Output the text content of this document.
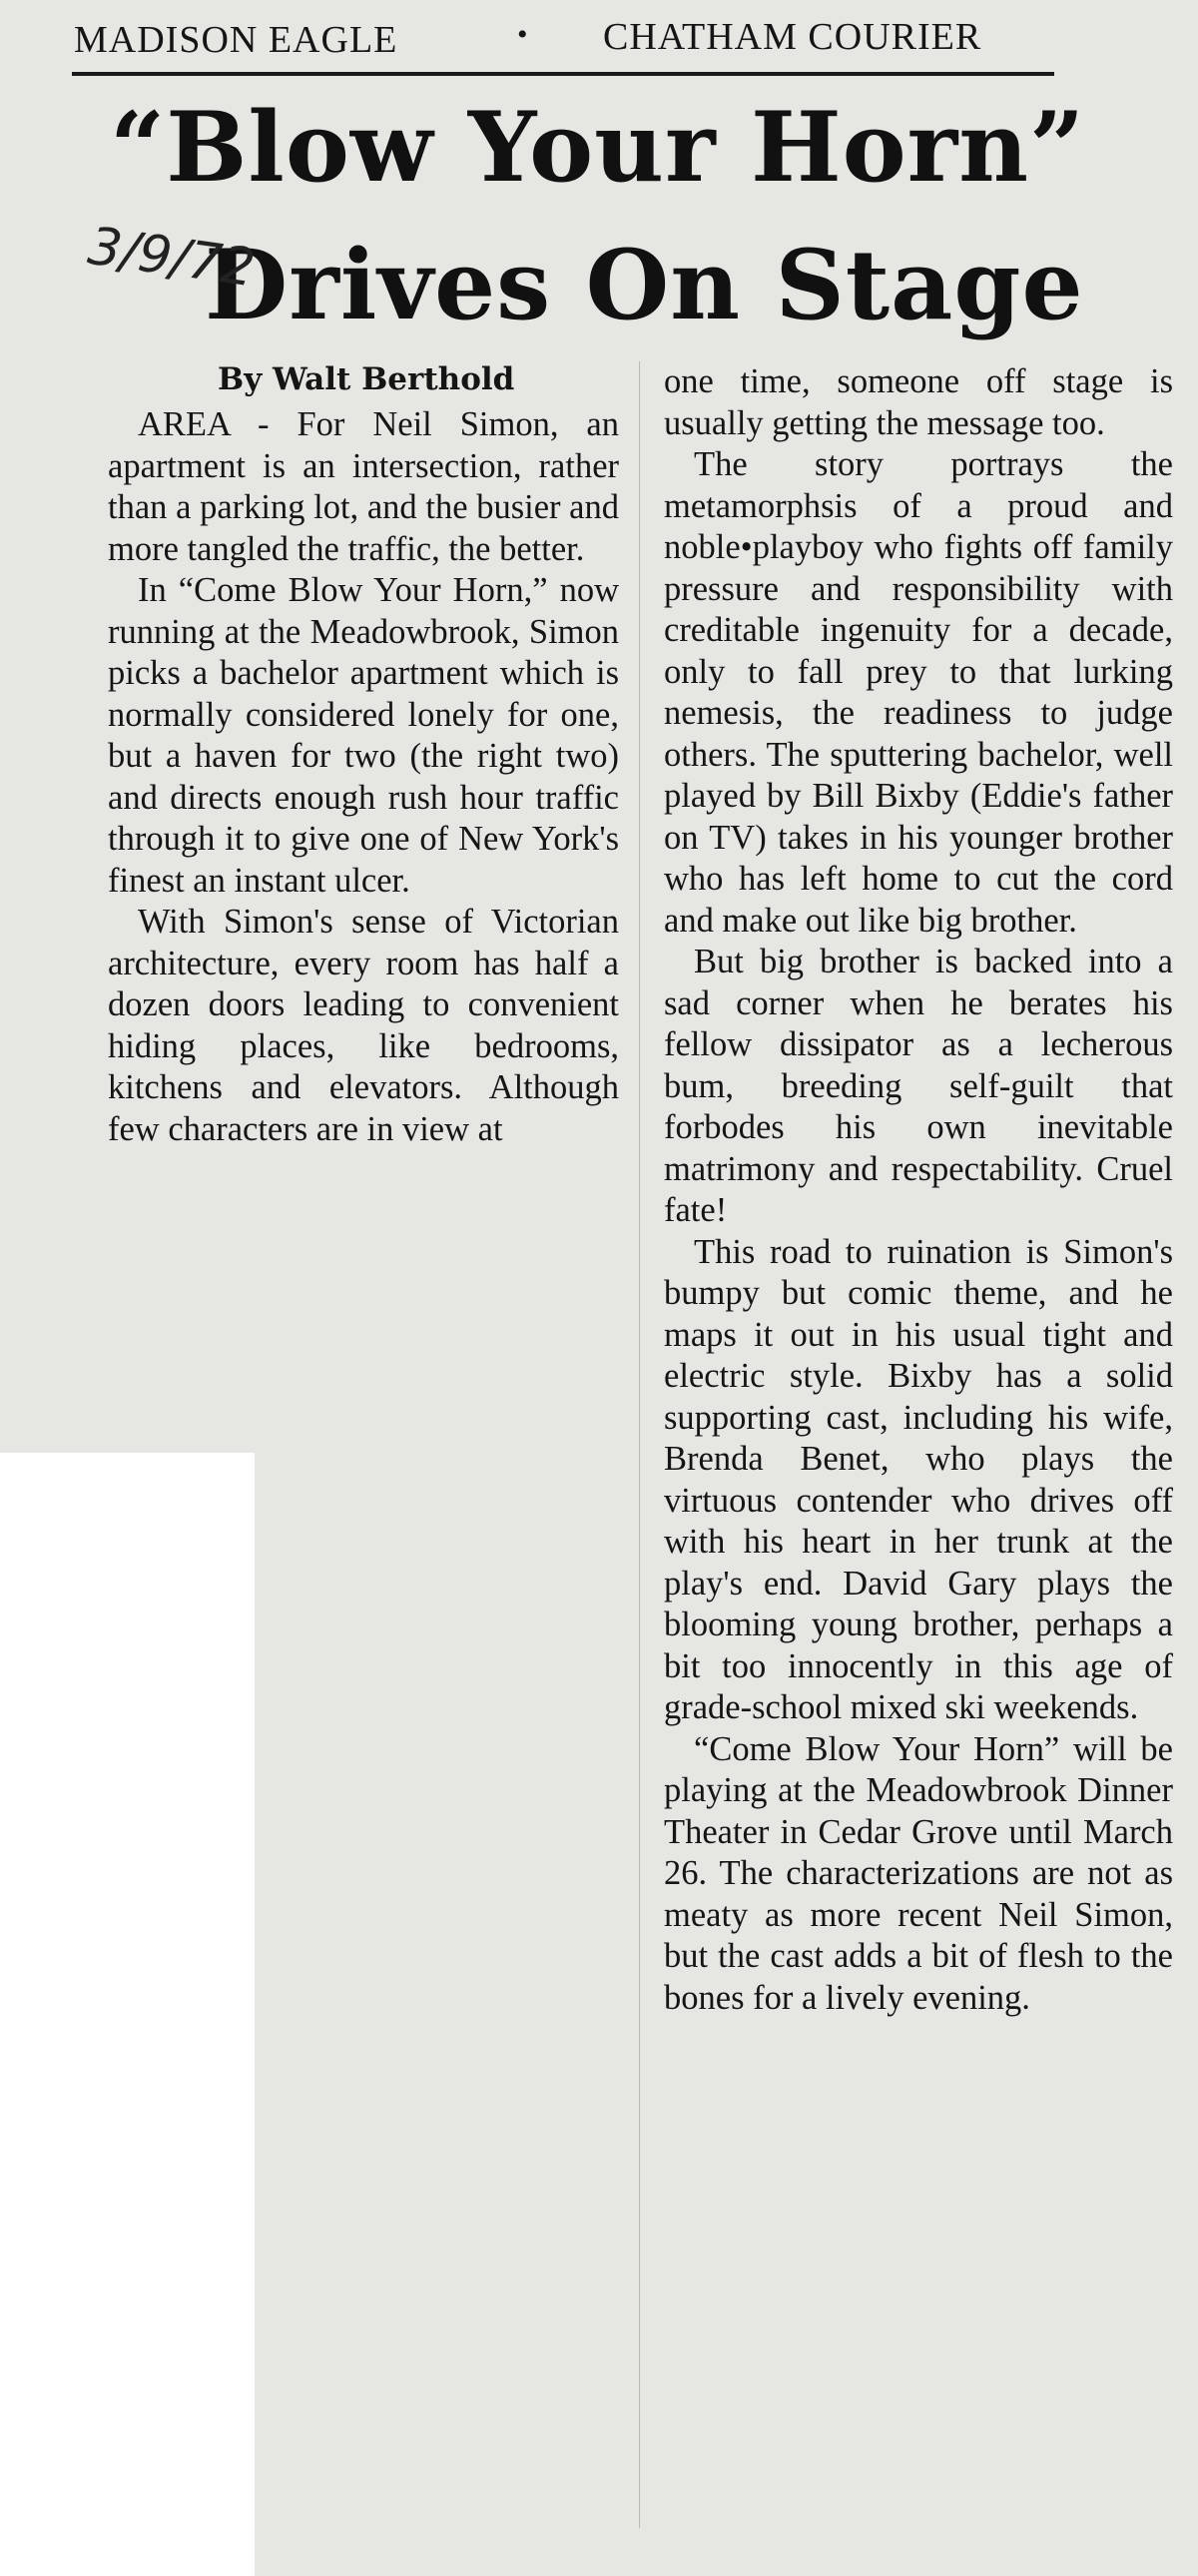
MADISON EAGLE	• CHATHAM COURIER
“Blow Your Horn”
Drives On Stage
3/9/72
By Walt Berthold

AREA - For Neil Simon, an apartment is an intersection, rather than a parking lot, and the busier and more tangled the traffic, the better.

In “Come Blow Your Horn,” now running at the Meadowbrook, Simon picks a bachelor apartment which is normally considered lonely for one, but a haven for two (the right two) and directs enough rush hour traffic through it to give one of New York's finest an instant ulcer.

With Simon's sense of Victorian architecture, every room has half a dozen doors leading to convenient hiding places, like bedrooms, kitchens and elevators. Although few characters are in view at

one time, someone off stage is usually getting the message too.

The story portrays the metamorphsis of a proud and noble•playboy who fights off family pressure and responsibility with creditable ingenuity for a decade, only to fall prey to that lurking nemesis, the readiness to judge others. The sputtering bachelor, well played by Bill Bixby (Eddie's father on TV) takes in his younger brother who has left home to cut the cord and make out like big brother.

But big brother is backed into a sad corner when he berates his fellow dissipator as a lecherous bum, breeding self-guilt that forbodes his own inevitable matrimony and respectability. Cruel fate!

This road to ruination is Simon's bumpy but comic theme, and he maps it out in his usual tight and electric style. Bixby has a solid supporting cast, including his wife, Brenda Benet, who plays the virtuous contender who drives off with his heart in her trunk at the play's end. David Gary plays the blooming young brother, perhaps a bit too innocently in this age of grade-school mixed ski weekends.

“Come Blow Your Horn” will be playing at the Meadowbrook Dinner Theater in Cedar Grove until March 26. The characterizations are not as meaty as more recent Neil Simon, but the cast adds a bit of flesh to the bones for a lively evening.
